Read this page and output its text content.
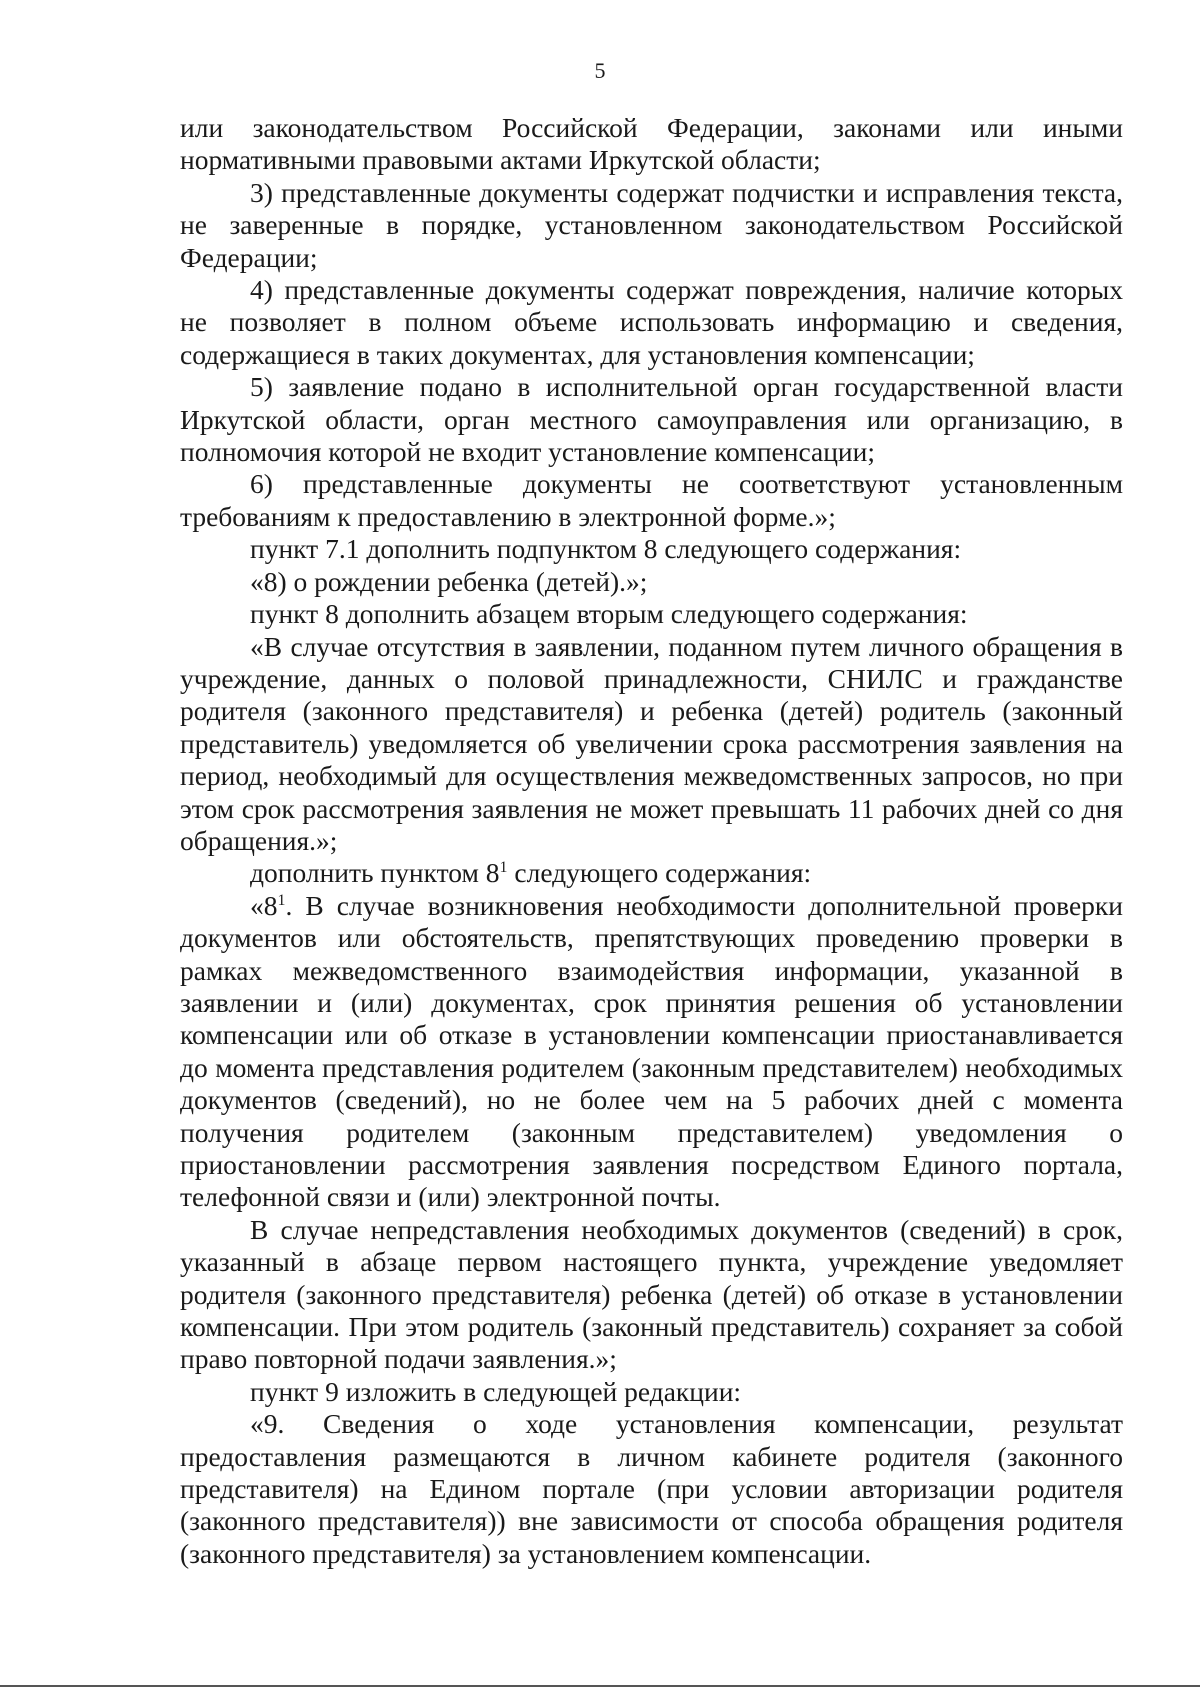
5

или законодательством Российской Федерации, законами или иными нормативными правовыми актами Иркутской области;

3) представленные документы содержат подчистки и исправления текста, не заверенные в порядке, установленном законодательством Российской Федерации;

4) представленные документы содержат повреждения, наличие которых не позволяет в полном объеме использовать информацию и сведения, содержащиеся в таких документах, для установления компенсации;

5) заявление подано в исполнительной орган государственной власти Иркутской области, орган местного самоуправления или организацию, в полномочия которой не входит установление компенсации;

6) представленные документы не соответствуют установленным требованиям к предоставлению в электронной форме.»;

пункт 7.1 дополнить подпунктом 8 следующего содержания:

«8) о рождении ребенка (детей).»;

пункт 8 дополнить абзацем вторым следующего содержания:

«В случае отсутствия в заявлении, поданном путем личного обращения в учреждение, данных о половой принадлежности, СНИЛС и гражданстве родителя (законного представителя) и ребенка (детей) родитель (законный представитель) уведомляется об увеличении срока рассмотрения заявления на период, необходимый для осуществления межведомственных запросов, но при этом срок рассмотрения заявления не может превышать 11 рабочих дней со дня обращения.»;

дополнить пунктом $8^1$ следующего содержания:

«$8^1$. В случае возникновения необходимости дополнительной проверки документов или обстоятельств, препятствующих проведению проверки в рамках межведомственного взаимодействия информации, указанной в заявлении и (или) документах, срок принятия решения об установлении компенсации или об отказе в установлении компенсации приостанавливается до момента представления родителем (законным представителем) необходимых документов (сведений), но не более чем на 5 рабочих дней с момента получения родителем (законным представителем) уведомления о приостановлении рассмотрения заявления посредством Единого портала, телефонной связи и (или) электронной почты.

В случае непредставления необходимых документов (сведений) в срок, указанный в абзаце первом настоящего пункта, учреждение уведомляет родителя (законного представителя) ребенка (детей) об отказе в установлении компенсации. При этом родитель (законный представитель) сохраняет за собой право повторной подачи заявления.»;

пункт 9 изложить в следующей редакции:

«9. Сведения о ходе установления компенсации, результат предоставления размещаются в личном кабинете родителя (законного представителя) на Едином портале (при условии авторизации родителя (законного представителя)) вне зависимости от способа обращения родителя (законного представителя) за установлением компенсации.
